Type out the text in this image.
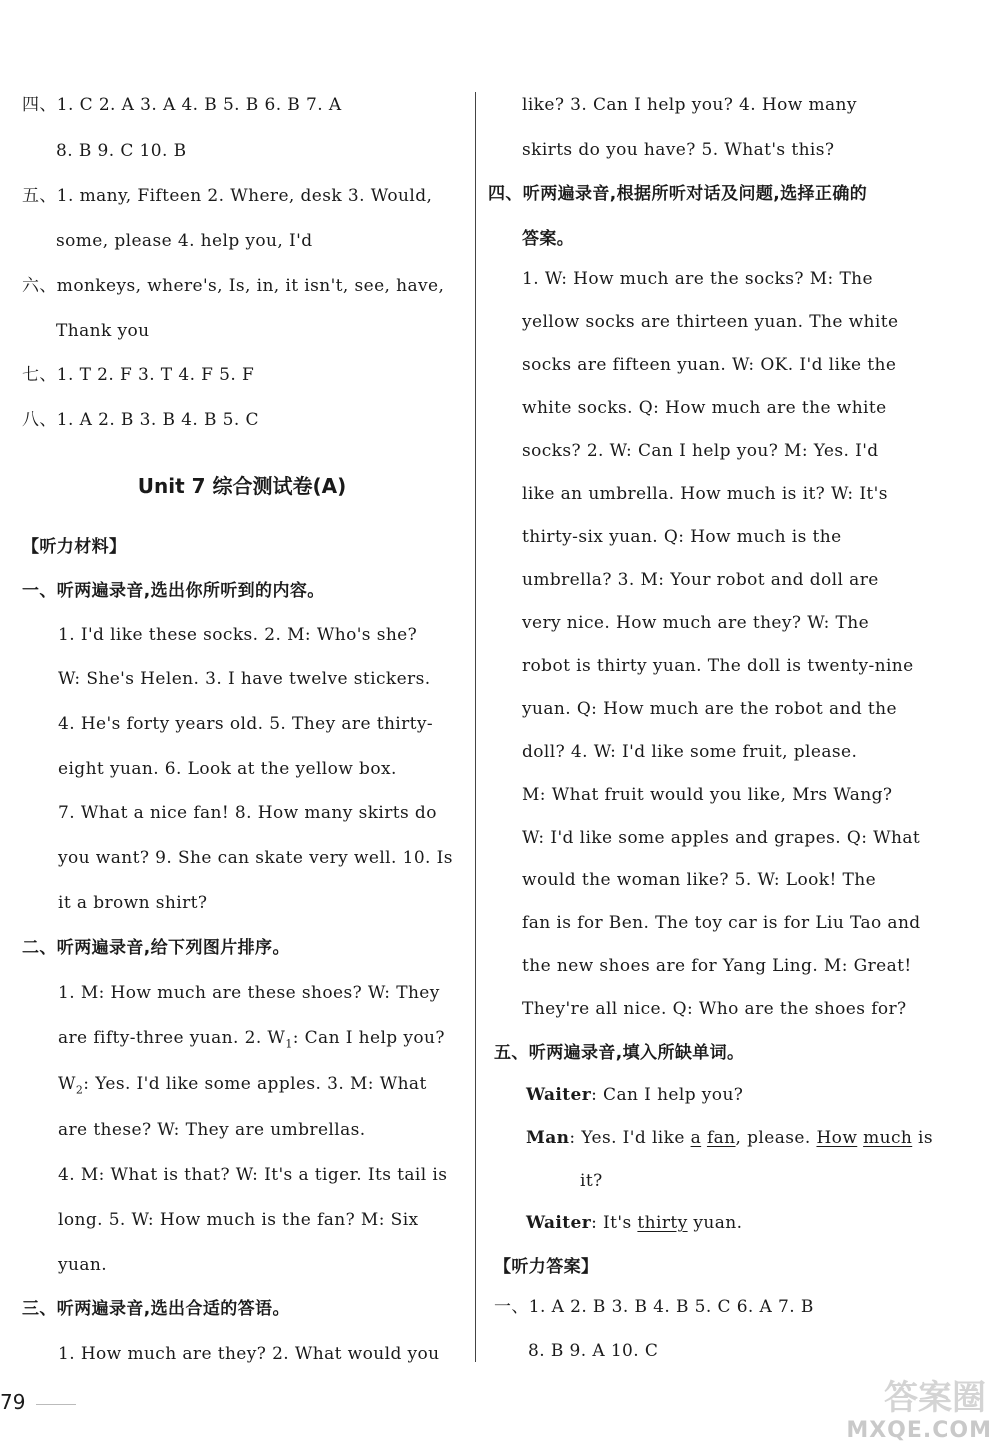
四、1. C 2. A 3. A 4. B 5. B 6. B 7. A
8. B 9. C 10. B
五、1. many, Fifteen 2. Where, desk 3. Would,
some, please 4. help you, I'd
六、monkeys, where's, Is, in, it isn't, see, have,
Thank you
七、1. T 2. F 3. T 4. F 5. F
八、1. A 2. B 3. B 4. B 5. C
Unit 7 综合测试卷(A)
【听力材料】
一、听两遍录音,选出你所听到的内容。
1. I'd like these socks. 2. M: Who's she?
W: She's Helen. 3. I have twelve stickers.
4. He's forty years old. 5. They are thirty-
eight yuan. 6. Look at the yellow box.
7. What a nice fan! 8. How many skirts do
you want? 9. She can skate very well. 10. Is
it a brown shirt?
二、听两遍录音,给下列图片排序。
1. M: How much are these shoes? W: They
are fifty-three yuan. 2. $W_1$: Can I help you?
$W_2$: Yes. I'd like some apples. 3. M: What
are these? W: They are umbrellas.
4. M: What is that? W: It's a tiger. Its tail is
long. 5. W: How much is the fan? M: Six
yuan.
三、听两遍录音,选出合适的答语。
1. How much are they? 2. What would you
like? 3. Can I help you? 4. How many
skirts do you have? 5. What's this?
四、听两遍录音,根据所听对话及问题,选择正确的
答案。
1. W: How much are the socks? M: The
yellow socks are thirteen yuan. The white
socks are fifteen yuan. W: OK. I'd like the
white socks. Q: How much are the white
socks? 2. W: Can I help you? M: Yes. I'd
like an umbrella. How much is it? W: It's
thirty-six yuan. Q: How much is the
umbrella? 3. M: Your robot and doll are
very nice. How much are they? W: The
robot is thirty yuan. The doll is twenty-nine
yuan. Q: How much are the robot and the
doll? 4. W: I'd like some fruit, please.
M: What fruit would you like, Mrs Wang?
W: I'd like some apples and grapes. Q: What
would the woman like? 5. W: Look! The
fan is for Ben. The toy car is for Liu Tao and
the new shoes are for Yang Ling. M: Great!
They're all nice. Q: Who are the shoes for?
五、听两遍录音,填入所缺单词。
Waiter: Can I help you?
Man: Yes. I'd like a fan, please. How much is
it?
Waiter: It's thirty yuan.
【听力答案】
一、1. A 2. B 3. B 4. B 5. C 6. A 7. B
8. B 9. A 10. C
79	答案圈
MXQE.COM
